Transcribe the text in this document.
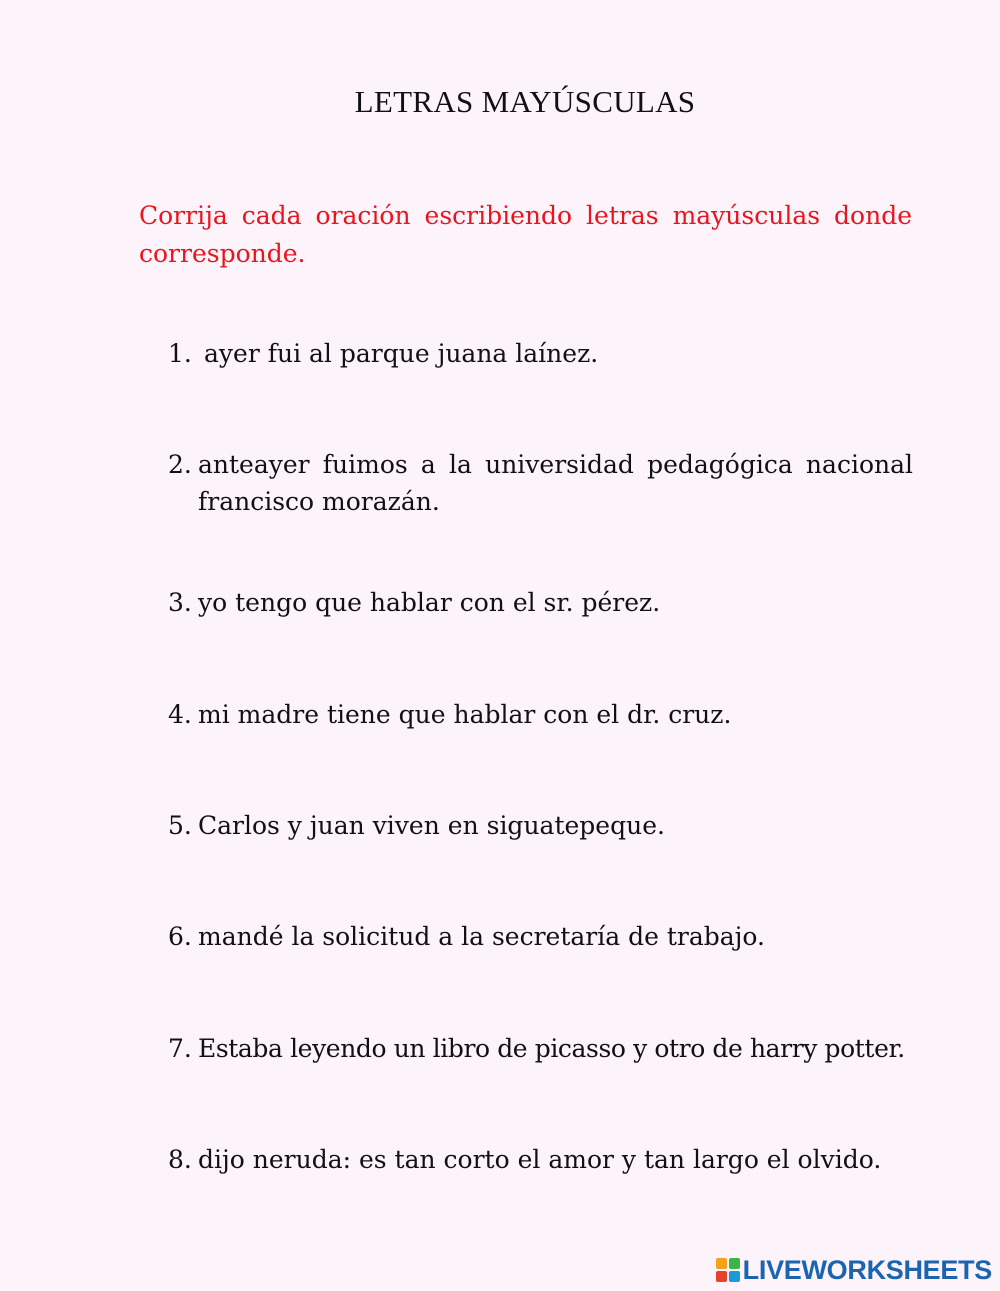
LETRAS MAYÚSCULAS
Corrija cada oración escribiendo letras mayúsculas donde corresponde.
1. ayer fui al parque juana laínez.
2. anteayer fuimos a la universidad pedagógica nacional francisco morazán.
3. yo tengo que hablar con el sr. pérez.
4. mi madre tiene que hablar con el dr. cruz.
5. Carlos y juan viven en siguatepeque.
6. mandé la solicitud a la secretaría de trabajo.
7. Estaba leyendo un libro de picasso y otro de harry potter.
8. dijo neruda: es tan corto el amor y tan largo el olvido.
LIVEWORKSHEETS
